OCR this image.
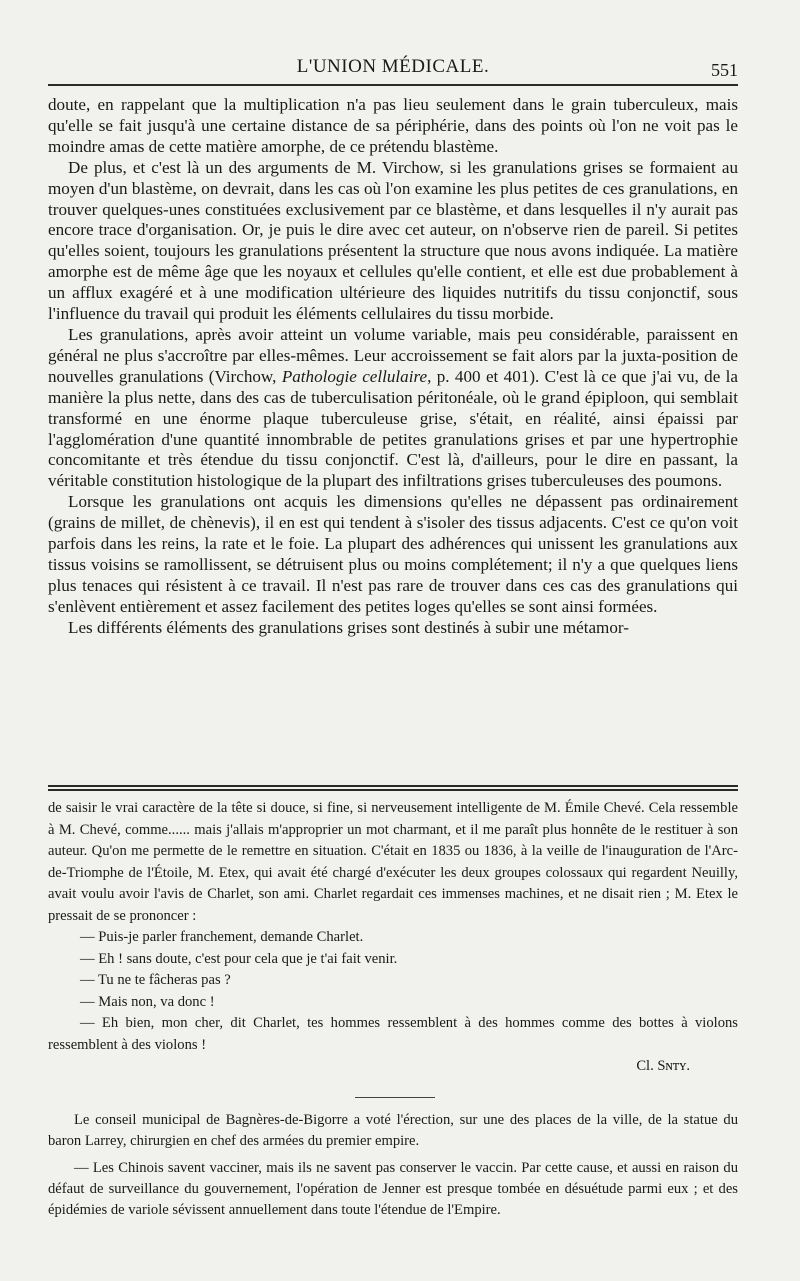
L'UNION MÉDICALE.	551

doute, en rappelant que la multiplication n'a pas lieu seulement dans le grain tuberculeux, mais qu'elle se fait jusqu'à une certaine distance de sa périphérie, dans des points où l'on ne voit pas le moindre amas de cette matière amorphe, de ce prétendu blastème.

De plus, et c'est là un des arguments de M. Virchow, si les granulations grises se formaient au moyen d'un blastème, on devrait, dans les cas où l'on examine les plus petites de ces granulations, en trouver quelques-unes constituées exclusivement par ce blastème, et dans lesquelles il n'y aurait pas encore trace d'organisation. Or, je puis le dire avec cet auteur, on n'observe rien de pareil. Si petites qu'elles soient, toujours les granulations présentent la structure que nous avons indiquée. La matière amorphe est de même âge que les noyaux et cellules qu'elle contient, et elle est due probablement à un afflux exagéré et à une modification ultérieure des liquides nutritifs du tissu conjonctif, sous l'influence du travail qui produit les éléments cellulaires du tissu morbide.

Les granulations, après avoir atteint un volume variable, mais peu considérable, paraissent en général ne plus s'accroître par elles-mêmes. Leur accroissement se fait alors par la juxta-position de nouvelles granulations (Virchow, Pathologie cellulaire, p. 400 et 401). C'est là ce que j'ai vu, de la manière la plus nette, dans des cas de tuberculisation péritonéale, où le grand épiploon, qui semblait transformé en une énorme plaque tuberculeuse grise, s'était, en réalité, ainsi épaissi par l'agglomération d'une quantité innombrable de petites granulations grises et par une hypertrophie concomitante et très étendue du tissu conjonctif. C'est là, d'ailleurs, pour le dire en passant, la véritable constitution histologique de la plupart des infiltrations grises tuberculeuses des poumons.

Lorsque les granulations ont acquis les dimensions qu'elles ne dépassent pas ordinairement (grains de millet, de chènevis), il en est qui tendent à s'isoler des tissus adjacents. C'est ce qu'on voit parfois dans les reins, la rate et le foie. La plupart des adhérences qui unissent les granulations aux tissus voisins se ramollissent, se détruisent plus ou moins complétement; il n'y a que quelques liens plus tenaces qui résistent à ce travail. Il n'est pas rare de trouver dans ces cas des granulations qui s'enlèvent entièrement et assez facilement des petites loges qu'elles se sont ainsi formées.

Les différents éléments des granulations grises sont destinés à subir une métamor-

de saisir le vrai caractère de la tête si douce, si fine, si nerveusement intelligente de M. Émile Chevé. Cela ressemble à M. Chevé, comme...... mais j'allais m'approprier un mot charmant, et il me paraît plus honnête de le restituer à son auteur. Qu'on me permette de le remettre en situation. C'était en 1835 ou 1836, à la veille de l'inauguration de l'Arc-de-Triomphe de l'Étoile, M. Etex, qui avait été chargé d'exécuter les deux groupes colossaux qui regardent Neuilly, avait voulu avoir l'avis de Charlet, son ami. Charlet regardait ces immenses machines, et ne disait rien ; M. Etex le pressait de se prononcer :

— Puis-je parler franchement, demande Charlet.

— Eh ! sans doute, c'est pour cela que je t'ai fait venir.

— Tu ne te fâcheras pas ?

— Mais non, va donc !

— Eh bien, mon cher, dit Charlet, tes hommes ressemblent à des hommes comme des bottes à violons ressemblent à des violons !

Cl. Sɴᴛʏ.

Le conseil municipal de Bagnères-de-Bigorre a voté l'érection, sur une des places de la ville, de la statue du baron Larrey, chirurgien en chef des armées du premier empire.

— Les Chinois savent vacciner, mais ils ne savent pas conserver le vaccin. Par cette cause, et aussi en raison du défaut de surveillance du gouvernement, l'opération de Jenner est presque tombée en désuétude parmi eux ; et des épidémies de variole sévissent annuellement dans toute l'étendue de l'Empire.
